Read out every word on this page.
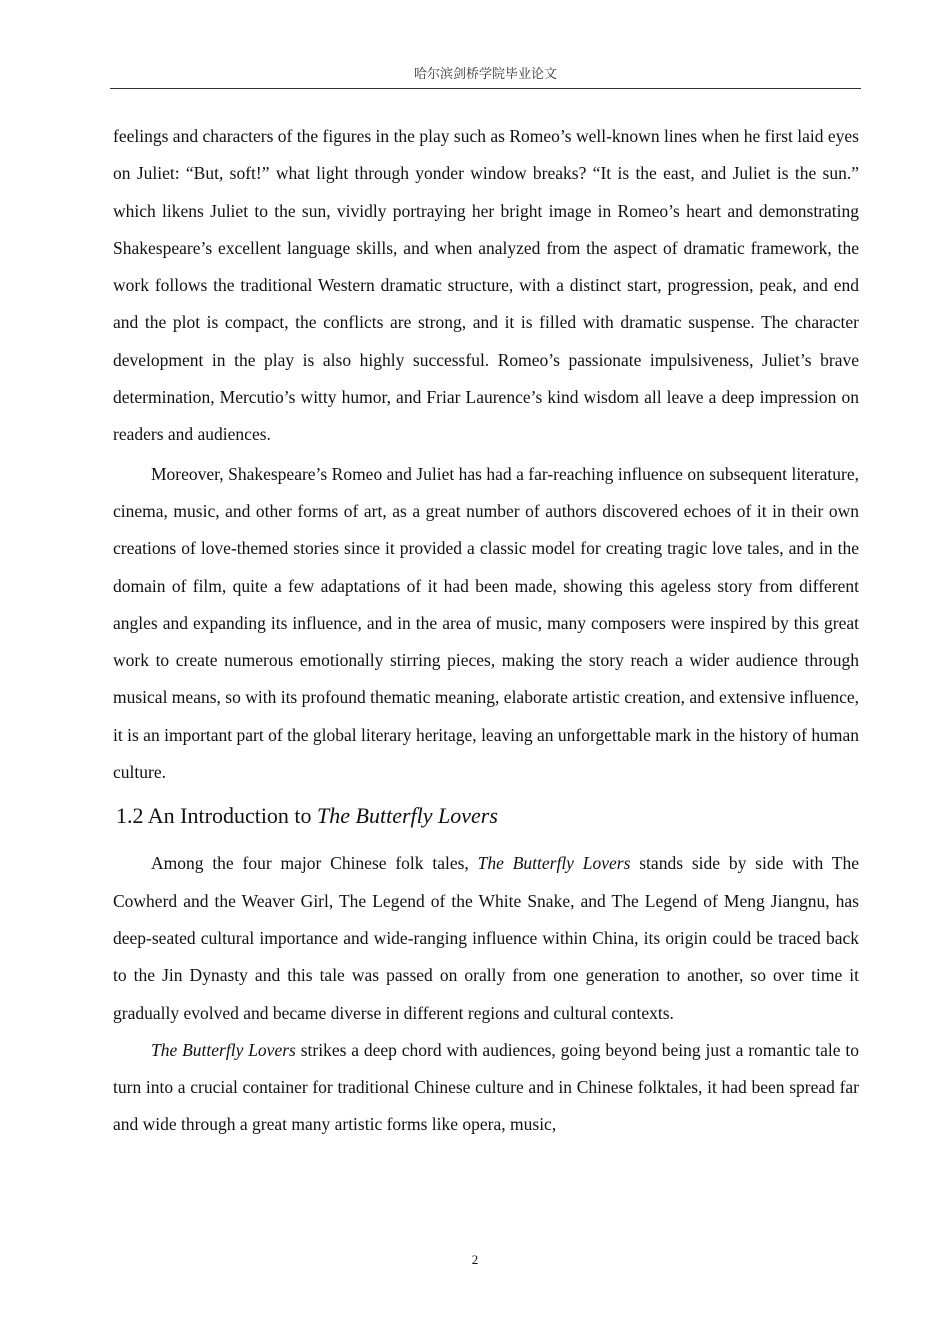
哈尔滨剑桥学院毕业论文

feelings and characters of the figures in the play such as Romeo’s well-known lines when he first laid eyes on Juliet: “But, soft!” what light through yonder window breaks? “It is the east, and Juliet is the sun.” which likens Juliet to the sun, vividly portraying her bright image in Romeo’s heart and demonstrating Shakespeare’s excellent language skills, and when analyzed from the aspect of dramatic framework, the work follows the traditional Western dramatic structure, with a distinct start, progression, peak, and end and the plot is compact, the conflicts are strong, and it is filled with dramatic suspense. The character development in the play is also highly successful. Romeo’s passionate impulsiveness, Juliet’s brave determination, Mercutio’s witty humor, and Friar Laurence’s kind wisdom all leave a deep impression on readers and audiences.

Moreover, Shakespeare’s Romeo and Juliet has had a far-reaching influence on subsequent literature, cinema, music, and other forms of art, as a great number of authors discovered echoes of it in their own creations of love-themed stories since it provided a classic model for creating tragic love tales, and in the domain of film, quite a few adaptations of it had been made, showing this ageless story from different angles and expanding its influence, and in the area of music, many composers were inspired by this great work to create numerous emotionally stirring pieces, making the story reach a wider audience through musical means, so with its profound thematic meaning, elaborate artistic creation, and extensive influence, it is an important part of the global literary heritage, leaving an unforgettable mark in the history of human culture.

1.2 An Introduction to The Butterfly Lovers

Among the four major Chinese folk tales, The Butterfly Lovers stands side by side with The Cowherd and the Weaver Girl, The Legend of the White Snake, and The Legend of Meng Jiangnu, has deep-seated cultural importance and wide-ranging influence within China, its origin could be traced back to the Jin Dynasty and this tale was passed on orally from one generation to another, so over time it gradually evolved and became diverse in different regions and cultural contexts.

The Butterfly Lovers strikes a deep chord with audiences, going beyond being just a romantic tale to turn into a crucial container for traditional Chinese culture and in Chinese folktales, it had been spread far and wide through a great many artistic forms like opera, music,

2
